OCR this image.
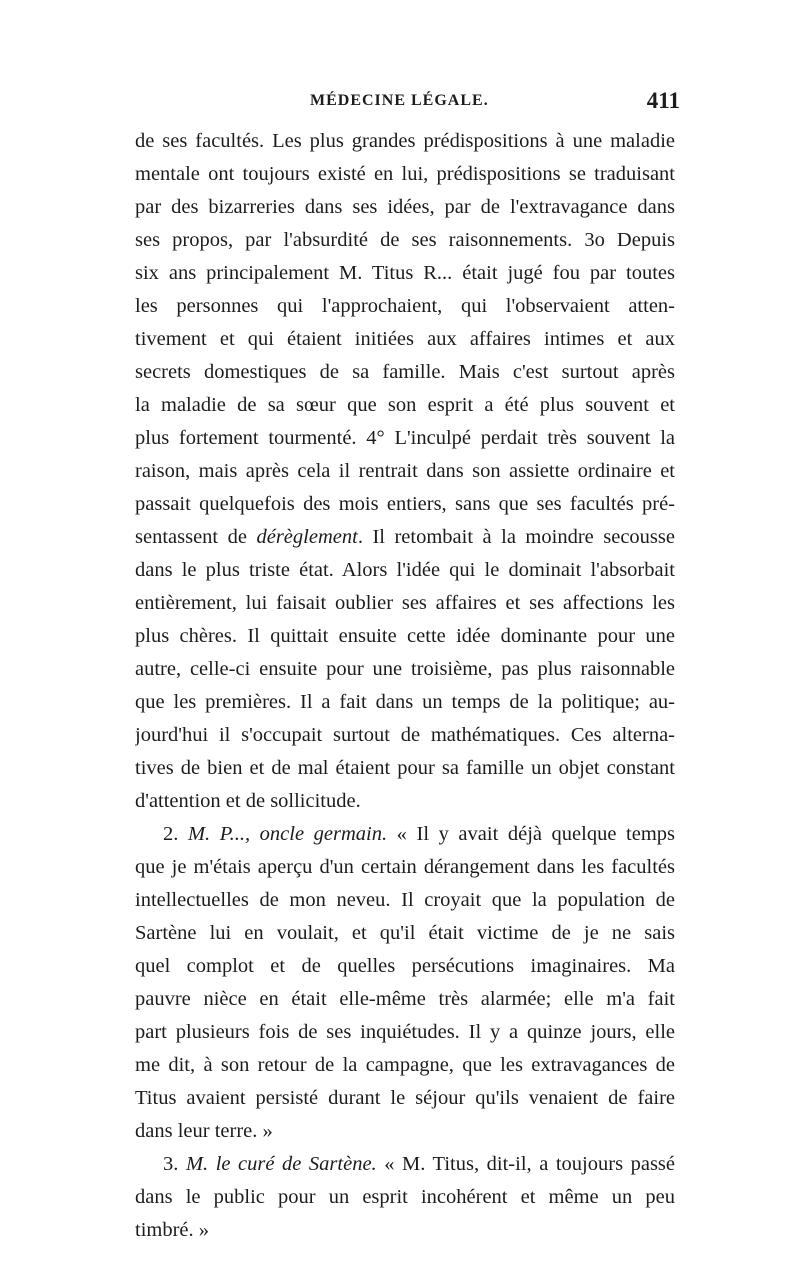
MÉDECINE LÉGALE.	411
de ses facultés. Les plus grandes prédispositions à une maladie
mentale ont toujours existé en lui, prédispositions se traduisant
par des bizarreries dans ses idées, par de l'extravagance dans
ses propos, par l'absurdité de ses raisonnements. 3o Depuis
six ans principalement M. Titus R... était jugé fou par toutes
les personnes qui l'approchaient, qui l'observaient atten-
tivement et qui étaient initiées aux affaires intimes et aux
secrets domestiques de sa famille. Mais c'est surtout après
la maladie de sa sœur que son esprit a été plus souvent et
plus fortement tourmenté. 4° L'inculpé perdait très souvent la
raison, mais après cela il rentrait dans son assiette ordinaire et
passait quelquefois des mois entiers, sans que ses facultés pré-
sentassent de dérèglement. Il retombait à la moindre secousse
dans le plus triste état. Alors l'idée qui le dominait l'absorbait
entièrement, lui faisait oublier ses affaires et ses affections les
plus chères. Il quittait ensuite cette idée dominante pour une
autre, celle-ci ensuite pour une troisième, pas plus raisonnable
que les premières. Il a fait dans un temps de la politique; au-
jourd'hui il s'occupait surtout de mathématiques. Ces alterna-
tives de bien et de mal étaient pour sa famille un objet constant
d'attention et de sollicitude.
2. M. P..., oncle germain. « Il y avait déjà quelque temps
que je m'étais aperçu d'un certain dérangement dans les facultés
intellectuelles de mon neveu. Il croyait que la population de
Sartène lui en voulait, et qu'il était victime de je ne sais
quel complot et de quelles persécutions imaginaires. Ma
pauvre nièce en était elle-même très alarmée; elle m'a fait
part plusieurs fois de ses inquiétudes. Il y a quinze jours, elle
me dit, à son retour de la campagne, que les extravagances de
Titus avaient persisté durant le séjour qu'ils venaient de faire
dans leur terre. »
3. M. le curé de Sartène. « M. Titus, dit-il, a toujours passé
dans le public pour un esprit incohérent et même un peu
timbré. »
